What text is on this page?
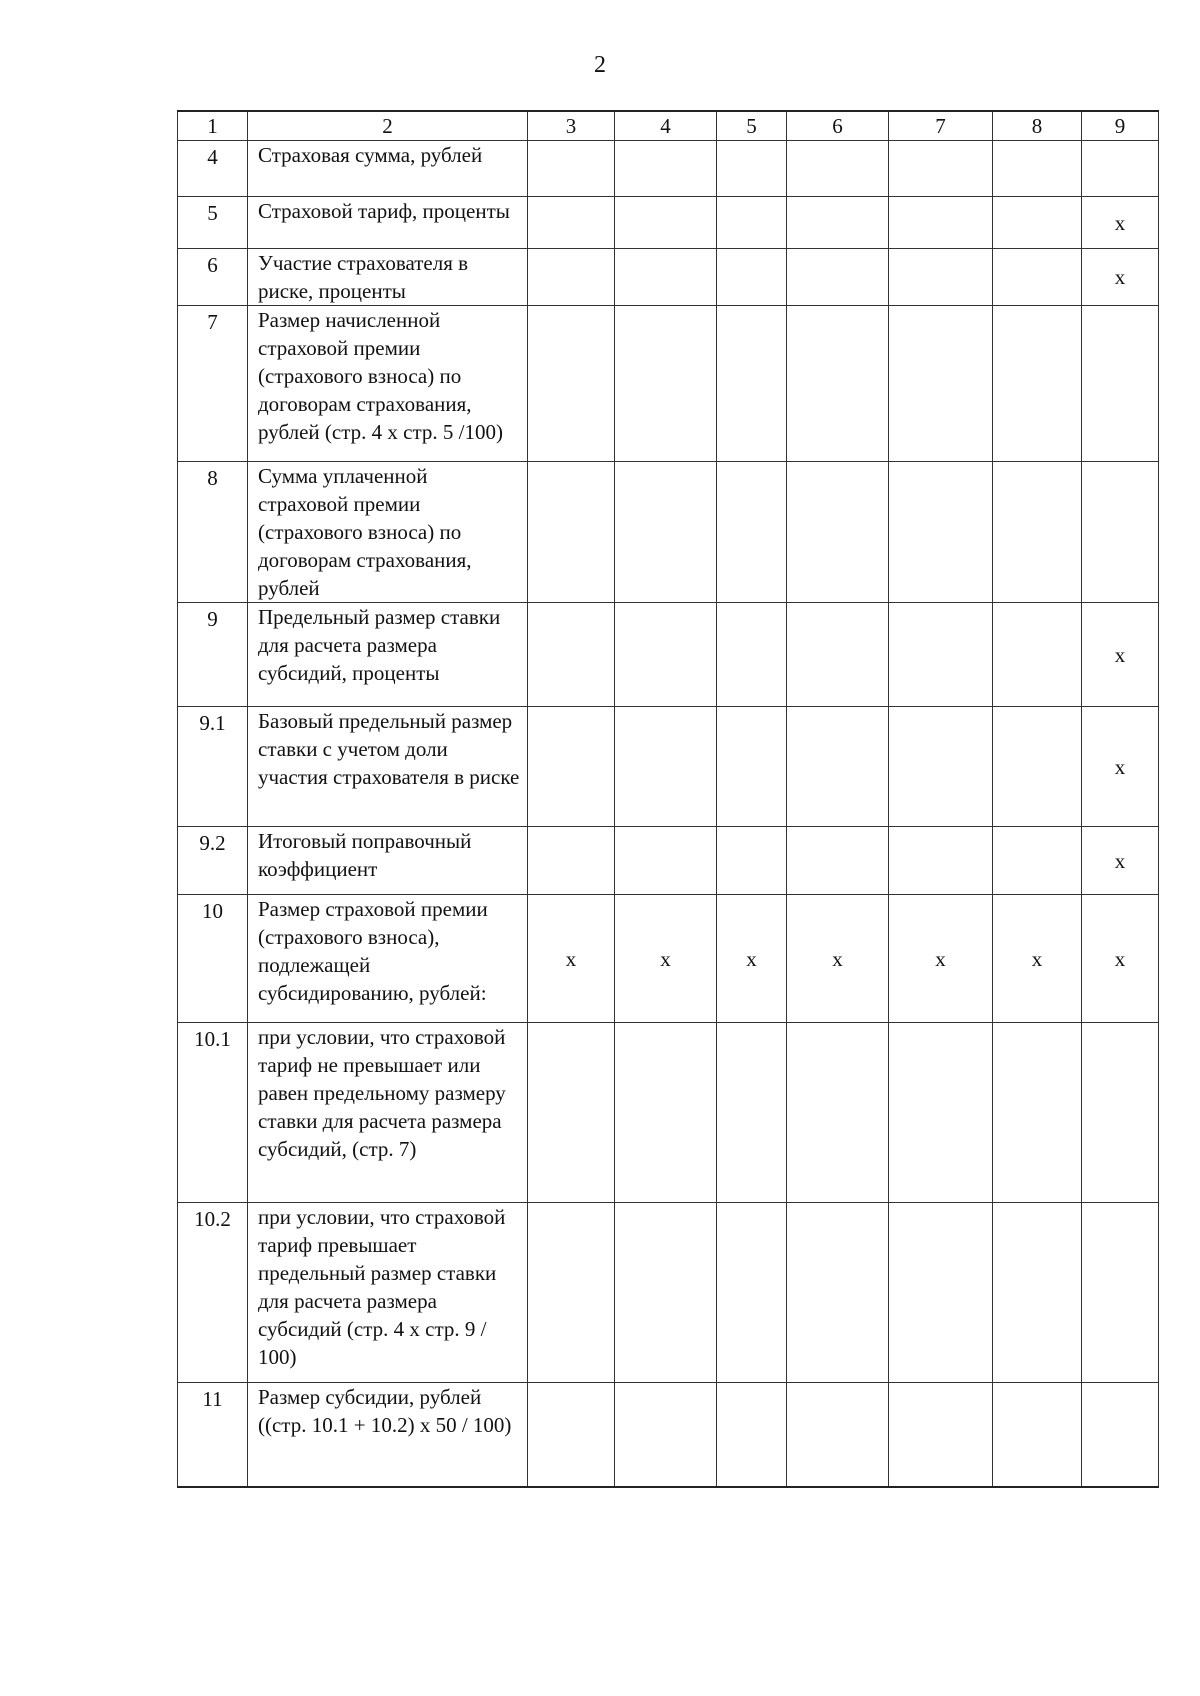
2
1	2	3	4	5	6	7	8	9
4	Страховая сумма, рублей							
5	Страховой тариф, проценты							x
6	Участие страхователя в риске, проценты							x
7	Размер начисленной страховой премии (страхового взноса) по договорам страхования, рублей (стр. 4 х стр. 5 /100)							
8	Сумма уплаченной страховой премии (страхового взноса) по договорам страхования, рублей							
9	Предельный размер ставки для расчета размера субсидий, проценты							х
9.1	Базовый предельный размер ставки с учетом доли участия страхователя в риске							х
9.2	Итоговый поправочный коэффициент							х
10	Размер страховой премии (страхового взноса), подлежащей субсидированию, рублей:	х	х	х	х	х	х	х
10.1	при условии, что страховой тариф не превышает или равен предельному размеру ставки для расчета размера субсидий, (стр. 7)							
10.2	при условии, что страховой тариф превышает предельный размер ставки для расчета размера субсидий (стр. 4 х стр. 9 / 100)							
11	Размер субсидии, рублей ((стр. 10.1 + 10.2) х 50 / 100)							
